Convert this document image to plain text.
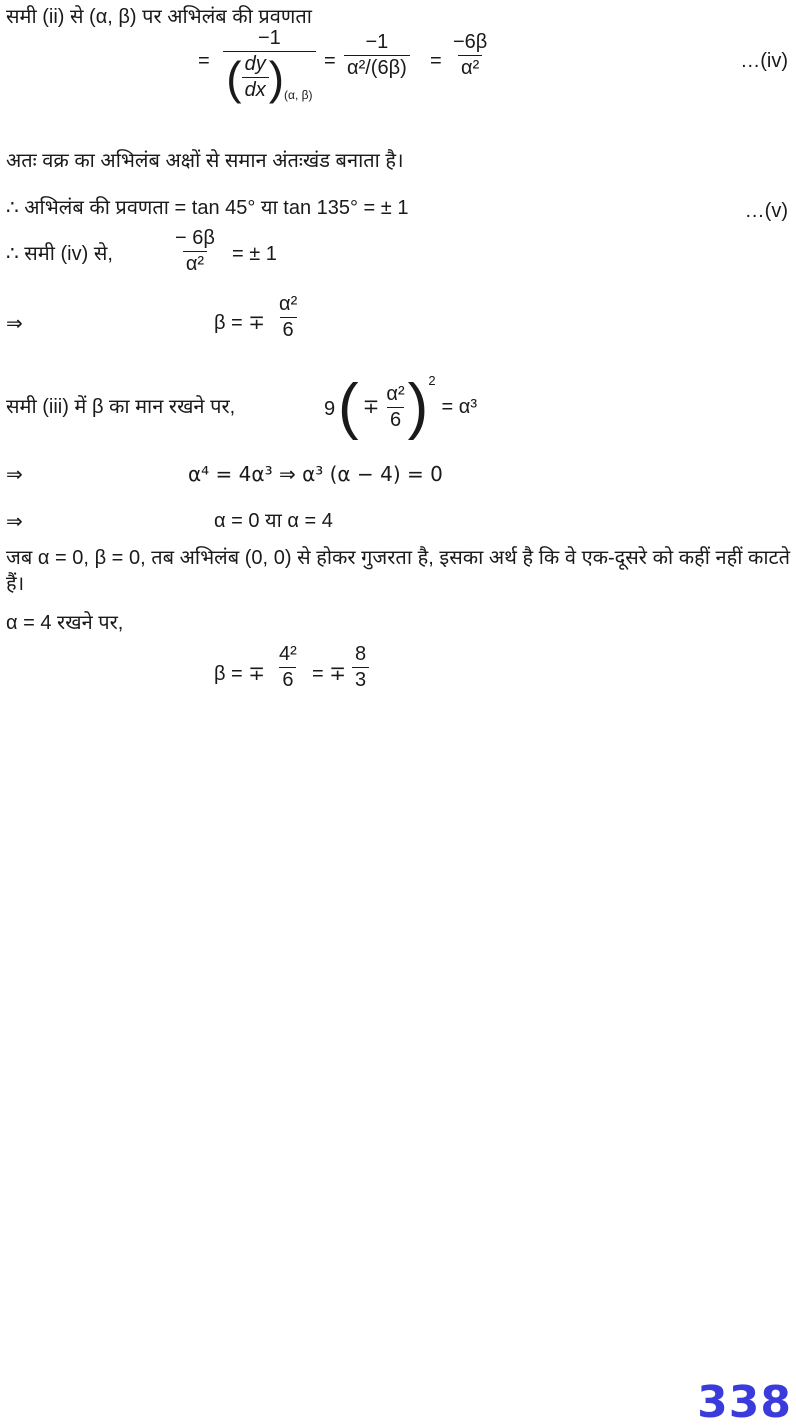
समी (ii) से (α, β) पर अभिलंब की प्रवणता
= $\frac{-1}{( \frac{dy}{dx} ) (\alpha, \beta)} = \frac{-1}{\text{α²/(6β)}} = \frac{-6\beta}{\text{α²}}$	…(iv)
अतः वक्र का अभिलंब अक्षों से समान अंतःखंड बनाता है।
∴ अभिलंब की प्रवणता = tan 45° या tan 135° = ± 1	…(v)
∴ समी (iv) से,	$\frac{- 6\beta}{\text{α²}}$ = ± 1
⇒	β = ∓ $\frac{\text{α²}}{6}$
समी (iii) में β का मान रखने पर,	9 ( ∓ $\frac{\text{α²}}{6}$ ) 2
= α³
⇒	α⁴ = 4α³ ⇒ α³ (α − 4) = 0
⇒	α = 0 या α = 4
जब α = 0, β = 0, तब अभिलंब (0, 0) से होकर गुजरता है, इसका अर्थ है कि वे एक-दूसरे को कहीं नहीं काटते हैं।
α = 4 रखने पर,
β = ∓ $\frac{\text{4²}}{6}$ = ∓ $\frac{8}{3}$
338
